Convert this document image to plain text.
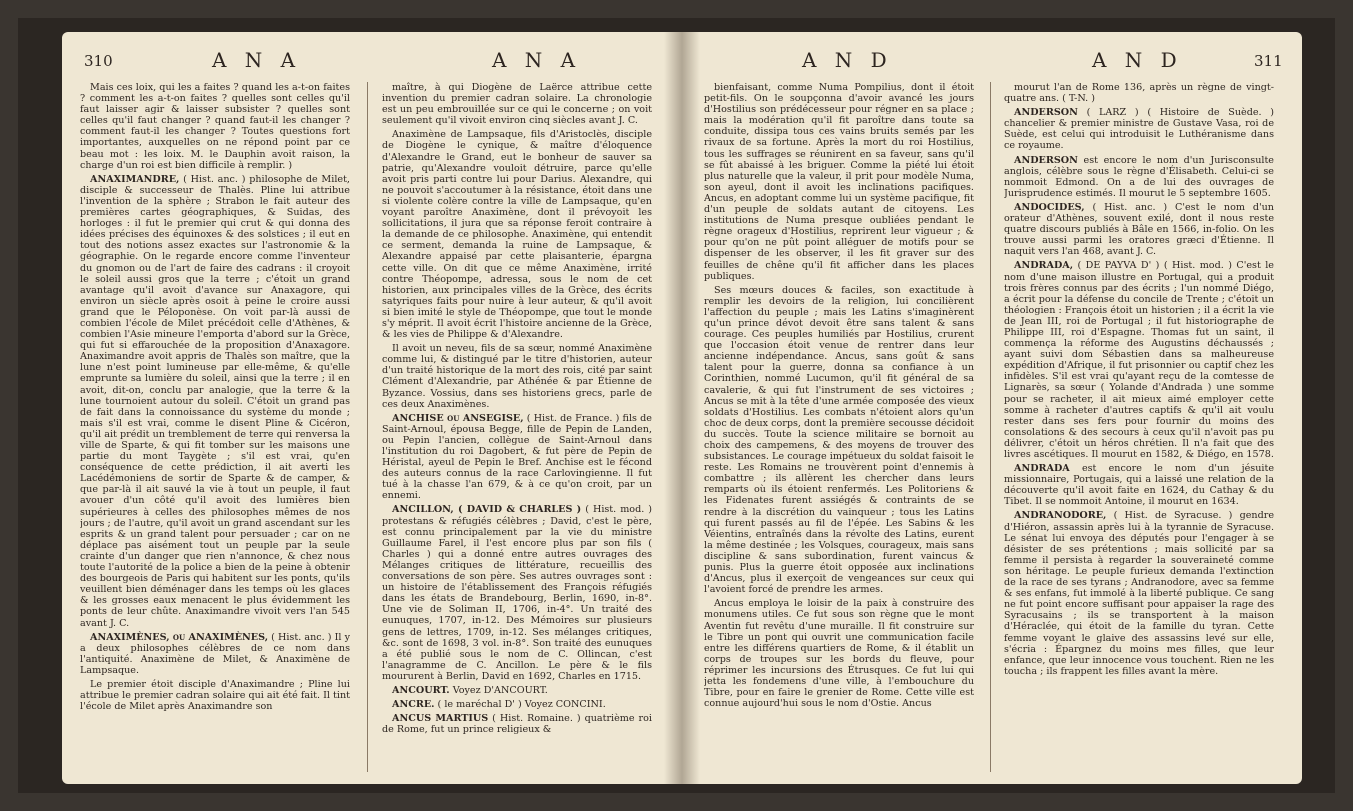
310	A N A	A N A

Mais ces loix, qui les a faites ? quand les a-t-on faites ? comment les a-t-on faites ? quelles sont celles qu'il faut laisser agir & laisser subsister ? quelles sont celles qu'il faut changer ? quand faut-il les changer ? comment faut-il les changer ? Toutes questions fort importantes, auxquelles on ne répond point par ce beau mot : les loix. M. le Dauphin avoit raison, la charge d'un roi est bien difficile à remplir. )

ANAXIMANDRE, ( Hist. anc. ) philosophe de Milet, disciple & successeur de Thalès. Pline lui attribue l'invention de la sphère ; Strabon le fait auteur des premières cartes géographiques, & Suidas, des horloges : il fut le premier qui crut & qui donna des idées précises des équinoxes & des solstices ; il eut en tout des notions assez exactes sur l'astronomie & la géographie. On le regarde encore comme l'inventeur du gnomon ou de l'art de faire des cadrans : il croyoit le soleil aussi gros que la terre ; c'étoit un grand avantage qu'il avoit d'avance sur Anaxagore, qui environ un siècle après osoit à peine le croire aussi grand que le Péloponèse. On voit par-là aussi de combien l'école de Milet précédoit celle d'Athènes, & combien l'Asie mineure l'emporta d'abord sur la Grèce, qui fut si effarouchée de la proposition d'Anaxagore. Anaximandre avoit appris de Thalès son maître, que la lune n'est point lumineuse par elle-même, & qu'elle emprunte sa lumière du soleil, ainsi que la terre ; il en avoit, dit-on, conclu par analogie, que la terre & la lune tournoient autour du soleil. C'étoit un grand pas de fait dans la connoissance du système du monde ; mais s'il est vrai, comme le disent Pline & Cicéron, qu'il ait prédit un tremblement de terre qui renversa la ville de Sparte, & qui fit tomber sur les maisons une partie du mont Taygète ; s'il est vrai, qu'en conséquence de cette prédiction, il ait averti les Lacédémoniens de sortir de Sparte & de camper, & que par-là il ait sauvé la vie à tout un peuple, il faut avouer d'un côté qu'il avoit des lumières bien supérieures à celles des philosophes mêmes de nos jours ; de l'autre, qu'il avoit un grand ascendant sur les esprits & un grand talent pour persuader ; car on ne déplace pas aisément tout un peuple par la seule crainte d'un danger que rien n'annonce, & chez nous toute l'autorité de la police a bien de la peine à obtenir des bourgeois de Paris qui habitent sur les ponts, qu'ils veuillent bien déménager dans les temps où les glaces & les grosses eaux menacent le plus évidemment les ponts de leur chûte. Anaximandre vivoit vers l'an 545 avant J. C.

ANAXIMÈNES, ou ANAXIMÈNES, ( Hist. anc. ) Il y a deux philosophes célèbres de ce nom dans l'antiquité. Anaximène de Milet, & Anaximène de Lampsaque.

Le premier étoit disciple d'Anaximandre ; Pline lui attribue le premier cadran solaire qui ait été fait. Il tint l'école de Milet après Anaximandre son

maître, à qui Diogène de Laërce attribue cette invention du premier cadran solaire. La chronologie est un peu embrouillée sur ce qui le concerne ; on voit seulement qu'il vivoit environ cinq siècles avant J. C.

Anaximène de Lampsaque, fils d'Aristoclès, disciple de Diogène le cynique, & maître d'éloquence d'Alexandre le Grand, eut le bonheur de sauver sa patrie, qu'Alexandre vouloit détruire, parce qu'elle avoit pris parti contre lui pour Darius. Alexandre, qui ne pouvoit s'accoutumer à la résistance, étoit dans une si violente colère contre la ville de Lampsaque, qu'en voyant paroître Anaximène, dont il prévoyoit les sollicitations, il jura que sa réponse feroit contraire à la demande de ce philosophe. Anaximène, qui entendit ce serment, demanda la ruine de Lampsaque, & Alexandre appaisé par cette plaisanterie, épargna cette ville. On dit que ce même Anaximène, irrité contre Théopompe, adressa, sous le nom de cet historien, aux principales villes de la Grèce, des écrits satyriques faits pour nuire à leur auteur, & qu'il avoit si bien imité le style de Théopompe, que tout le monde s'y méprit. Il avoit écrit l'histoire ancienne de la Grèce, & les vies de Philippe & d'Alexandre.

Il avoit un neveu, fils de sa sœur, nommé Anaximène comme lui, & distingué par le titre d'historien, auteur d'un traité historique de la mort des rois, cité par saint Clément d'Alexandrie, par Athénée & par Étienne de Byzance. Vossius, dans ses historiens grecs, parle de ces deux Anaximènes.

ANCHISE ou ANSEGISE, ( Hist. de France. ) fils de Saint-Arnoul, épousa Begge, fille de Pepin de Landen, ou Pepin l'ancien, collègue de Saint-Arnoul dans l'institution du roi Dagobert, & fut père de Pepin de Héristal, ayeul de Pepin le Bref. Anchise est le fécond des auteurs connus de la race Carlovingienne. Il fut tué à la chasse l'an 679, & à ce qu'on croit, par un ennemi.

ANCILLON, ( DAVID & CHARLES ) ( Hist. mod. ) protestans & réfugiés célèbres ; David, c'est le père, est connu principalement par la vie du ministre Guillaume Farel, il l'est encore plus par son fils ( Charles ) qui a donné entre autres ouvrages des Mélanges critiques de littérature, recueillis des conversations de son père. Ses autres ouvrages sont : un histoire de l'établissement des François réfugiés dans les états de Brandebourg, Berlin, 1690, in-8°. Une vie de Soliman II, 1706, in-4°. Un traité des eunuques, 1707, in-12. Des Mémoires sur plusieurs gens de lettres, 1709, in-12. Ses mélanges critiques, &c. sont de 1698, 3 vol. in-8°. Son traité des eunuques a été publié sous le nom de C. Ollincan, c'est l'anagramme de C. Ancillon. Le père & le fils moururent à Berlin, David en 1692, Charles en 1715.

ANCOURT. Voyez D'ANCOURT.

ANCRE. ( le maréchal D' ) Voyez CONCINI.

ANCUS MARTIUS ( Hist. Romaine. ) quatrième roi de Rome, fut un prince religieux &

A N D	A N D	311

bienfaisant, comme Numa Pompilius, dont il étoit petit-fils. On le soupçonna d'avoir avancé les jours d'Hostilius son prédécesseur pour régner en sa place ; mais la modération qu'il fit paroître dans toute sa conduite, dissipa tous ces vains bruits semés par les rivaux de sa fortune. Après la mort du roi Hostilius, tous les suffrages se réunirent en sa faveur, sans qu'il se fût abaissé à les briguer. Comme la piété lui étoit plus naturelle que la valeur, il prit pour modèle Numa, son ayeul, dont il avoit les inclinations pacifiques. Ancus, en adoptant comme lui un système pacifique, fit d'un peuple de soldats autant de citoyens. Les institutions de Numa presque oubliées pendant le règne orageux d'Hostilius, reprirent leur vigueur ; & pour qu'on ne pût point alléguer de motifs pour se dispenser de les observer, il les fit graver sur des feuilles de chêne qu'il fit afficher dans les places publiques.

Ses mœurs douces & faciles, son exactitude à remplir les devoirs de la religion, lui concilièrent l'affection du peuple ; mais les Latins s'imaginèrent qu'un prince dévot devoit être sans talent & sans courage. Ces peuples humiliés par Hostilius, crurent que l'occasion étoit venue de rentrer dans leur ancienne indépendance. Ancus, sans goût & sans talent pour la guerre, donna sa confiance à un Corinthien, nommé Lucumon, qu'il fit général de sa cavalerie, & qui fut l'instrument de ses victoires ; Ancus se mit à la tête d'une armée composée des vieux soldats d'Hostilius. Les combats n'étoient alors qu'un choc de deux corps, dont la première secousse décidoit du succès. Toute la science militaire se bornoit au choix des campemens, & des moyens de trouver des subsistances. Le courage impétueux du soldat faisoit le reste. Les Romains ne trouvèrent point d'ennemis à combattre ; ils allèrent les chercher dans leurs remparts où ils étoient renfermés. Les Politoriens & les Fidenates furent assiégés & contraints de se rendre à la discrétion du vainqueur ; tous les Latins qui furent passés au fil de l'épée. Les Sabins & les Véientins, entraînés dans la révolte des Latins, eurent la même destinée ; les Volsques, courageux, mais sans discipline & sans subordination, furent vaincus & punis. Plus la guerre étoit opposée aux inclinations d'Ancus, plus il exerçoit de vengeances sur ceux qui l'avoient forcé de prendre les armes.

Ancus employa le loisir de la paix à construire des monumens utiles. Ce fut sous son règne que le mont Aventin fut revêtu d'une muraille. Il fit construire sur le Tibre un pont qui ouvrit une communication facile entre les différens quartiers de Rome, & il établit un corps de troupes sur les bords du fleuve, pour réprimer les incursions des Étrusques. Ce fut lui qui jetta les fondemens d'une ville, à l'embouchure du Tibre, pour en faire le grenier de Rome. Cette ville est connue aujourd'hui sous le nom d'Ostie. Ancus

mourut l'an de Rome 136, après un règne de vingt-quatre ans. ( T-N. )

ANDERSON ( LARZ ) ( Histoire de Suède. ) chancelier & premier ministre de Gustave Vasa, roi de Suède, est celui qui introduisit le Luthéranisme dans ce royaume.

ANDERSON est encore le nom d'un Jurisconsulte anglois, célèbre sous le règne d'Élisabeth. Celui-ci se nommoit Edmond. On a de lui des ouvrages de Jurisprudence estimés. Il mourut le 5 septembre 1605.

ANDOCIDES, ( Hist. anc. ) C'est le nom d'un orateur d'Athènes, souvent exilé, dont il nous reste quatre discours publiés à Bâle en 1566, in-folio. On les trouve aussi parmi les oratores græci d'Étienne. Il naquit vers l'an 468, avant J. C.

ANDRADA, ( DE PAYVA D' ) ( Hist. mod. ) C'est le nom d'une maison illustre en Portugal, qui a produit trois frères connus par des écrits ; l'un nommé Diégo, a écrit pour la défense du concile de Trente ; c'étoit un théologien : François étoit un historien ; il a écrit la vie de Jean III, roi de Portugal ; il fut historiographe de Philippe III, roi d'Espagne. Thomas fut un saint, il commença la réforme des Augustins déchaussés ; ayant suivi dom Sébastien dans sa malheureuse expédition d'Afrique, il fut prisonnier ou captif chez les infidèles. S'il est vrai qu'ayant reçu de la comtesse de Lignarès, sa sœur ( Yolande d'Andrada ) une somme pour se racheter, il ait mieux aimé employer cette somme à racheter d'autres captifs & qu'il ait voulu rester dans ses fers pour fournir du moins des consolations & des secours à ceux qu'il n'avoit pas pu délivrer, c'étoit un héros chrétien. Il n'a fait que des livres ascétiques. Il mourut en 1582, & Diégo, en 1578.

ANDRADA est encore le nom d'un jésuite missionnaire, Portugais, qui a laissé une relation de la découverte qu'il avoit faite en 1624, du Cathay & du Tibet. Il se nommoit Antoine, il mourut en 1634.

ANDRANODORE, ( Hist. de Syracuse. ) gendre d'Hiéron, assassin après lui à la tyrannie de Syracuse. Le sénat lui envoya des députés pour l'engager à se désister de ses prétentions ; mais sollicité par sa femme il persista à regarder la souveraineté comme son héritage. Le peuple furieux demanda l'extinction de la race de ses tyrans ; Andranodore, avec sa femme & ses enfans, fut immolé à la liberté publique. Ce sang ne fut point encore suffisant pour appaiser la rage des Syracusains ; ils se transportent à la maison d'Héraclée, qui étoit de la famille du tyran. Cette femme voyant le glaive des assassins levé sur elle, s'écria : Épargnez du moins mes filles, que leur enfance, que leur innocence vous touchent. Rien ne les toucha ; ils frappent les filles avant la mère.
